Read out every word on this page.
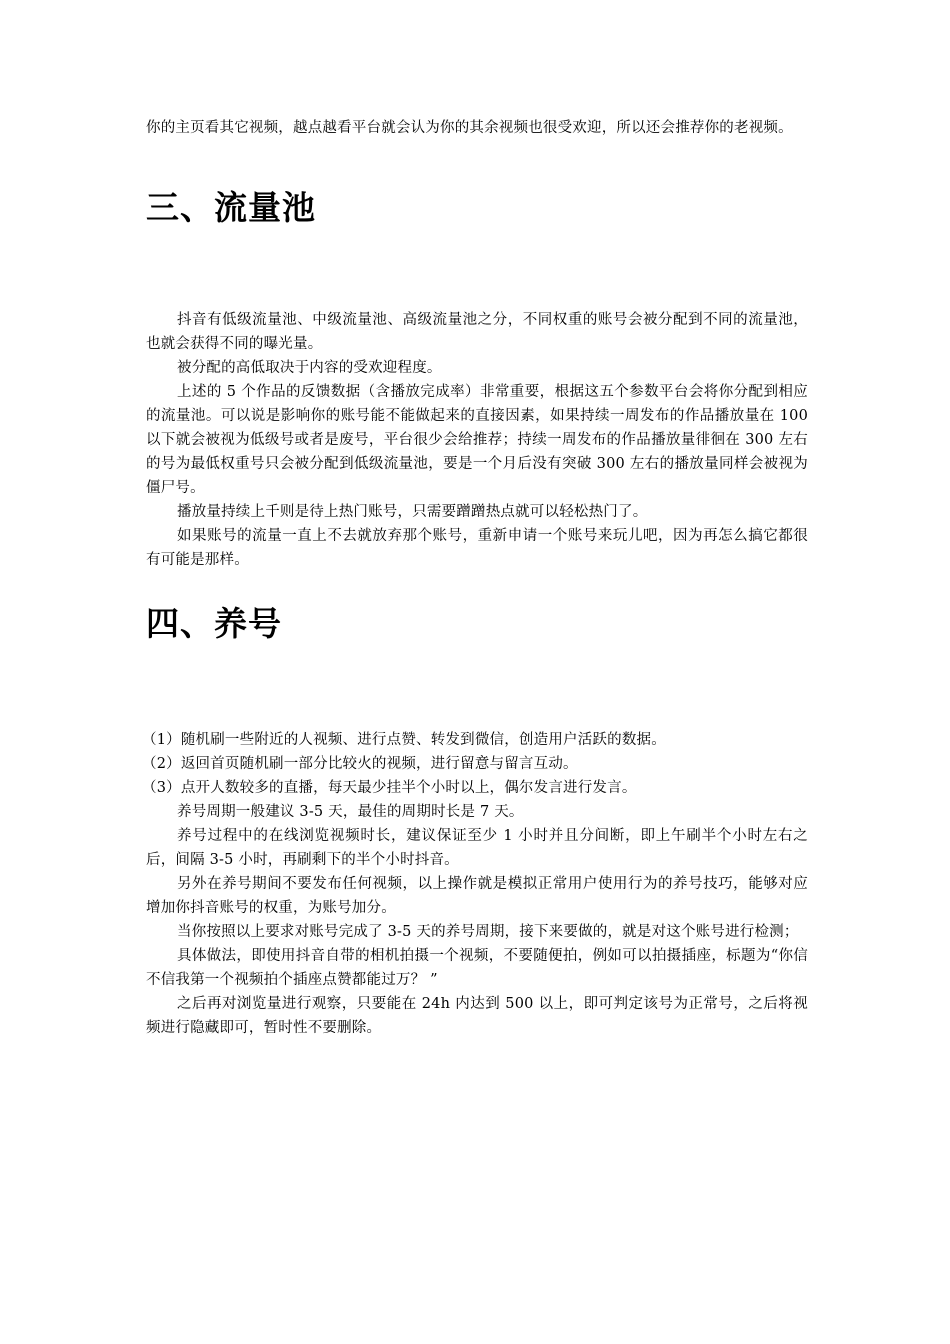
你的主页看其它视频，越点越看平台就会认为你的其余视频也很受欢迎，所以还会推荐你的老视频。

三、流量池

抖音有低级流量池、中级流量池、高级流量池之分，不同权重的账号会被分配到不同的流量池，也就会获得不同的曝光量。

被分配的高低取决于内容的受欢迎程度。

上述的 5 个作品的反馈数据（含播放完成率）非常重要，根据这五个参数平台会将你分配到相应的流量池。可以说是影响你的账号能不能做起来的直接因素，如果持续一周发布的作品播放量在 100 以下就会被视为低级号或者是废号，平台很少会给推荐；持续一周发布的作品播放量徘徊在 300 左右的号为最低权重号只会被分配到低级流量池，要是一个月后没有突破 300 左右的播放量同样会被视为僵尸号。

播放量持续上千则是待上热门账号，只需要蹭蹭热点就可以轻松热门了。

如果账号的流量一直上不去就放弃那个账号，重新申请一个账号来玩儿吧，因为再怎么搞它都很有可能是那样。

四、养号

（1）随机刷一些附近的人视频、进行点赞、转发到微信，创造用户活跃的数据。

（2）返回首页随机刷一部分比较火的视频，进行留意与留言互动。

（3）点开人数较多的直播，每天最少挂半个小时以上，偶尔发言进行发言。

养号周期一般建议 3-5 天，最佳的周期时长是 7 天。

养号过程中的在线浏览视频时长，建议保证至少 1 小时并且分间断，即上午刷半个小时左右之后，间隔 3-5 小时，再刷剩下的半个小时抖音。

另外在养号期间不要发布任何视频，以上操作就是模拟正常用户使用行为的养号技巧，能够对应增加你抖音账号的权重，为账号加分。

当你按照以上要求对账号完成了 3-5 天的养号周期，接下来要做的，就是对这个账号进行检测；

具体做法，即使用抖音自带的相机拍摄一个视频，不要随便拍，例如可以拍摄插座，标题为“你信不信我第一个视频拍个插座点赞都能过万？ ”

之后再对浏览量进行观察，只要能在 24h 内达到 500 以上，即可判定该号为正常号，之后将视频进行隐藏即可，暂时性不要删除。
